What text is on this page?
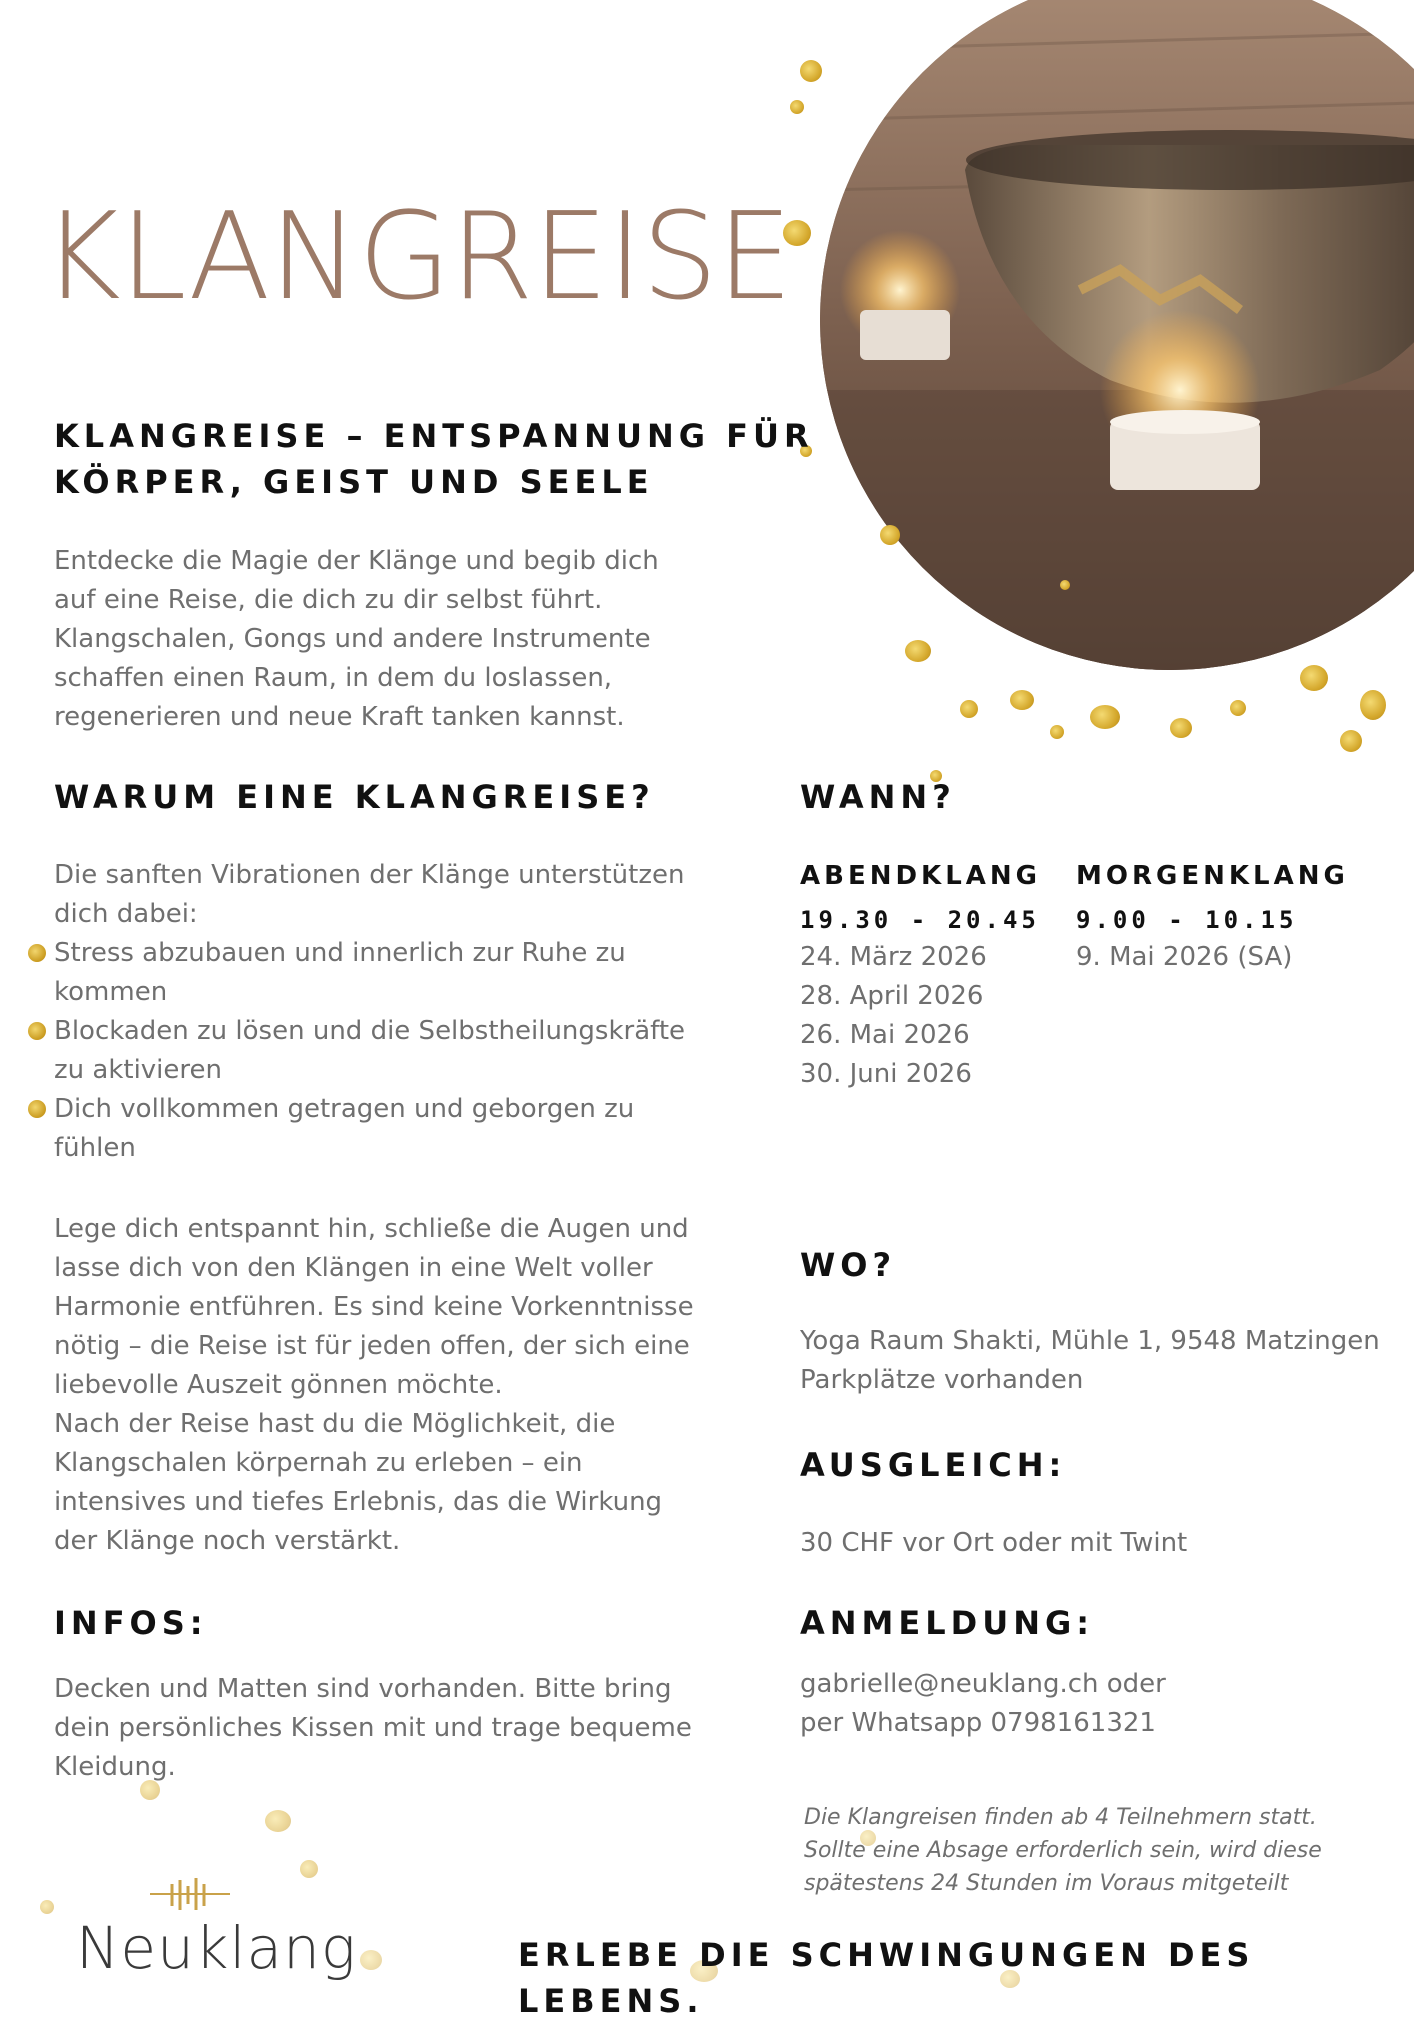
KLANGREISE
KLANGREISE – ENTSPANNUNG FÜR
KÖRPER, GEIST UND SEELE
Entdecke die Magie der Klänge und begib dich
auf eine Reise, die dich zu dir selbst führt.
Klangschalen, Gongs und andere Instrumente
schaffen einen Raum, in dem du loslassen,
regenerieren und neue Kraft tanken kannst.
WARUM EINE KLANGREISE?
Die sanften Vibrationen der Klänge unterstützen
dich dabei:
Stress abzubauen und innerlich zur Ruhe zu
kommen
Blockaden zu lösen und die Selbstheilungskräfte
zu aktivieren
Dich vollkommen getragen und geborgen zu
fühlen
Lege dich entspannt hin, schließe die Augen und
lasse dich von den Klängen in eine Welt voller
Harmonie entführen. Es sind keine Vorkenntnisse
nötig – die Reise ist für jeden offen, der sich eine
liebevolle Auszeit gönnen möchte.
Nach der Reise hast du die Möglichkeit, die
Klangschalen körpernah zu erleben – ein
intensives und tiefes Erlebnis, das die Wirkung
der Klänge noch verstärkt.
INFOS:
Decken und Matten sind vorhanden. Bitte bring
dein persönliches Kissen mit und trage bequeme
Kleidung.
WANN?
ABENDKLANG
19.30 - 20.45
24. März 2026
28. April 2026
26. Mai 2026
30. Juni 2026
MORGENKLANG
9.00 - 10.15
9. Mai 2026 (SA)
WO?
Yoga Raum Shakti, Mühle 1, 9548 Matzingen
Parkplätze vorhanden
AUSGLEICH:
30 CHF vor Ort oder mit Twint
ANMELDUNG:
gabrielle@neuklang.ch oder
per Whatsapp 0798161321
Die Klangreisen finden ab 4 Teilnehmern statt.
Sollte eine Absage erforderlich sein, wird diese
spätestens 24 Stunden im Voraus mitgeteilt
Neuklang	ERLEBE DIE SCHWINGUNGEN DES LEBENS.
